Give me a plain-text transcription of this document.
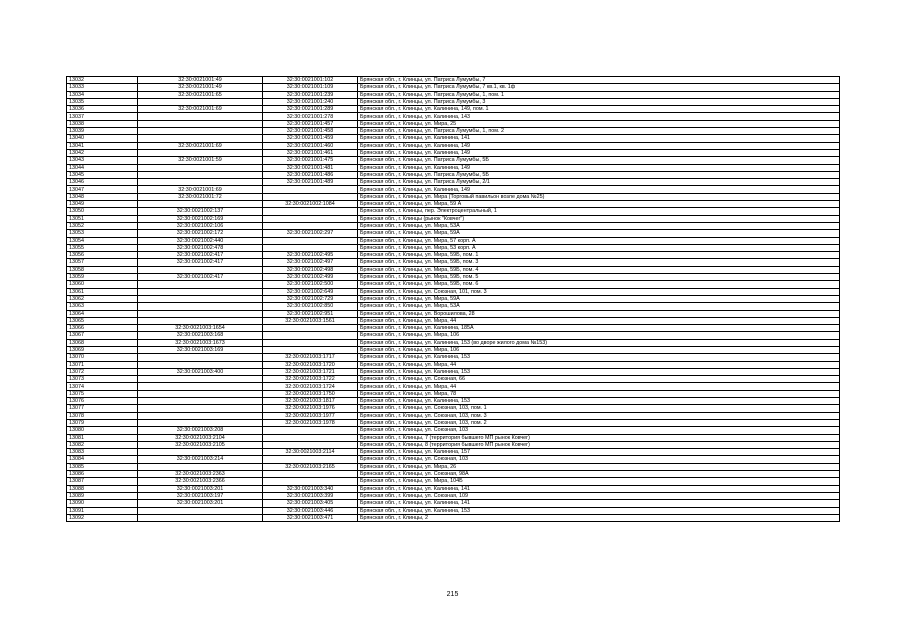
13032	32:30:0021001:49	32:30:0021001:102	Брянская обл., г. Клинцы, ул. Патриса Лумумбы, 7
13033	32:30:0021001:49	32:30:0021001:109	Брянская обл., г. Клинцы, ул. Патриса Лумумбы, 7 кв.1, кв. 1ф
13034	32:30:0021001:65	32:30:0021001:239	Брянская обл., г. Клинцы, ул. Патриса Лумумбы, 1, пом. 1
13035		32:30:0021001:240	Брянская обл., г. Клинцы, ул. Патриса Лумумбы, 3
13036	32:30:0021001:69	32:30:0021001:289	Брянская обл., г. Клинцы, ул. Калинина, 149, пом. 1
13037		32:30:0021001:278	Брянская обл., г. Клинцы, ул. Калинина, 143
13038		32:30:0021001:457	Брянская обл., г. Клинцы, ул. Мира, 25
13039		32:30:0021001:458	Брянская обл., г. Клинцы, ул. Патриса Лумумбы, 1, пом. 2
13040		32:30:0021001:459	Брянская обл., г. Клинцы, ул. Калинина, 141
13041	32:30:0021001:69	32:30:0021001:460	Брянская обл., г. Клинцы, ул. Калинина, 149
13042		32:30:0021001:461	Брянская обл., г. Клинцы, ул. Калинина, 149
13043	32:30:0021001:59	32:30:0021001:475	Брянская обл., г. Клинцы, ул. Патриса Лумумбы, 5Б
13044		32:30:0021001:481	Брянская обл., г. Клинцы, ул. Калинина, 149
13045		32:30:0021001:486	Брянская обл., г. Клинцы, ул. Патриса Лумумбы, 5Б
13046		32:30:0021001:489	Брянская обл., г. Клинцы, ул. Патриса Лумумбы, 2/1
13047	32:30:0021001:69		Брянская обл., г. Клинцы, ул. Калинина, 149
13048	32:30:0021001:72		Брянская обл., г. Клинцы, ул. Мира (Торговый павильон возле дома №25)
13049		32:30:0021002:1084	Брянская обл., г. Клинцы, ул. Мира, 59 А
13050	32:30:0021002:137		Брянская обл., г. Клинцы, пер. Электроцентральный, 1
13051	32:30:0021002:169		Брянская обл., г. Клинцы (рынок "Ковчег")
13052	32:30:0021002:106		Брянская обл., г. Клинцы, ул. Мира, 53А
13053	32:30:0021002:172	32:30:0021002:297	Брянская обл., г. Клинцы, ул. Мира, 59А
13054	32:30:0021002:440		Брянская обл., г. Клинцы, ул. Мира, 57 корп. А
13055	32:30:0021002:478		Брянская обл., г. Клинцы, ул. Мира, 53 корп. А
13056	32:30:0021002:417	32:30:0021002:495	Брянская обл., г. Клинцы, ул. Мира, 59Б, пом. 1
13057	32:30:0021002:417	32:30:0021002:497	Брянская обл., г. Клинцы, ул. Мира, 59Б, пом. 3
13058		32:30:0021002:498	Брянская обл., г. Клинцы, ул. Мира, 59Б, пом. 4
13059	32:30:0021002:417	32:30:0021002:499	Брянская обл., г. Клинцы, ул. Мира, 59Б, пом. 5
13060		32:30:0021002:500	Брянская обл., г. Клинцы, ул. Мира, 59Б, пом. 6
13061		32:30:0021002:649	Брянская обл., г. Клинцы, ул. Союзная, 101, пом. 3
13062		32:30:0021002:729	Брянская обл., г. Клинцы, ул. Мира, 59А
13063		32:30:0021002:850	Брянская обл., г. Клинцы, ул. Мира, 53А
13064		32:30:0021002:951	Брянская обл., г. Клинцы, ул. Ворошилова, 28
13065		32:30:0021003:1561	Брянская обл., г. Клинцы, ул. Мира, 44
13066	32:30:0021003:1654		Брянская обл., г. Клинцы, ул. Калинина, 185А
13067	32:30:0021003:168		Брянская обл., г. Клинцы, ул. Мира, 106
13068	32:30:0021003:1673		Брянская обл., г. Клинцы, ул. Калинина, 153 (во дворе жилого дома №153)
13069	32:30:0021003:169		Брянская обл., г. Клинцы, ул. Мира, 106
13070		32:30:0021003:1717	Брянская обл., г. Клинцы, ул. Калинина, 153
13071		32:30:0021003:1720	Брянская обл., г. Клинцы, ул. Мира, 44
13072	32:30:0021003:400	32:30:0021003:1721	Брянская обл., г. Клинцы, ул. Калинина, 153
13073		32:30:0021003:1722	Брянская обл., г. Клинцы, ул. Союзная, 66
13074		32:30:0021003:1724	Брянская обл., г. Клинцы, ул. Мира, 44
13075		32:30:0021003:1750	Брянская обл., г. Клинцы, ул. Мира, 78
13076		32:30:0021003:1817	Брянская обл., г. Клинцы, ул. Калинина, 153
13077		32:30:0021003:1976	Брянская обл., г. Клинцы, ул. Союзная, 103, пом. 1
13078		32:30:0021003:1977	Брянская обл., г. Клинцы, ул. Союзная, 103, пом. 3
13079		32:30:0021003:1978	Брянская обл., г. Клинцы, ул. Союзная, 103, пом. 2
13080	32:30:0021003:208		Брянская обл., г. Клинцы, ул. Союзная, 103
13081	32:30:0021003:2104		Брянская обл., г. Клинцы, 7 (территория бывшего МП рынок Ковчег)
13082	32:30:0021003:2105		Брянская обл., г. Клинцы, 8 (территория бывшего МП рынок Ковчег)
13083		32:30:0021003:2114	Брянская обл., г. Клинцы, ул. Калинина, 157
13084	32:30:0021003:214		Брянская обл., г. Клинцы, ул. Союзная, 103
13085		32:30:0021003:2165	Брянская обл., г. Клинцы, ул. Мира, 26
13086	32:30:0021003:2363		Брянская обл., г. Клинцы, ул. Союзная, 98А
13087	32:30:0021003:2366		Брянская обл., г. Клинцы, ул. Мира, 104Б
13088	32:30:0021003:201	32:30:0021003:340	Брянская обл., г. Клинцы, ул. Калинина, 141
13089	32:30:0021003:197	32:30:0021003:399	Брянская обл., г. Клинцы, ул. Союзная, 109
13090	32:30:0021003:201	32:30:0021003:405	Брянская обл., г. Клинцы, ул. Калинина, 141
13091		32:30:0021003:446	Брянская обл., г. Клинцы, ул. Калинина, 153
13092		32:30:0021003:471	Брянская обл., г. Клинцы, 2
215
